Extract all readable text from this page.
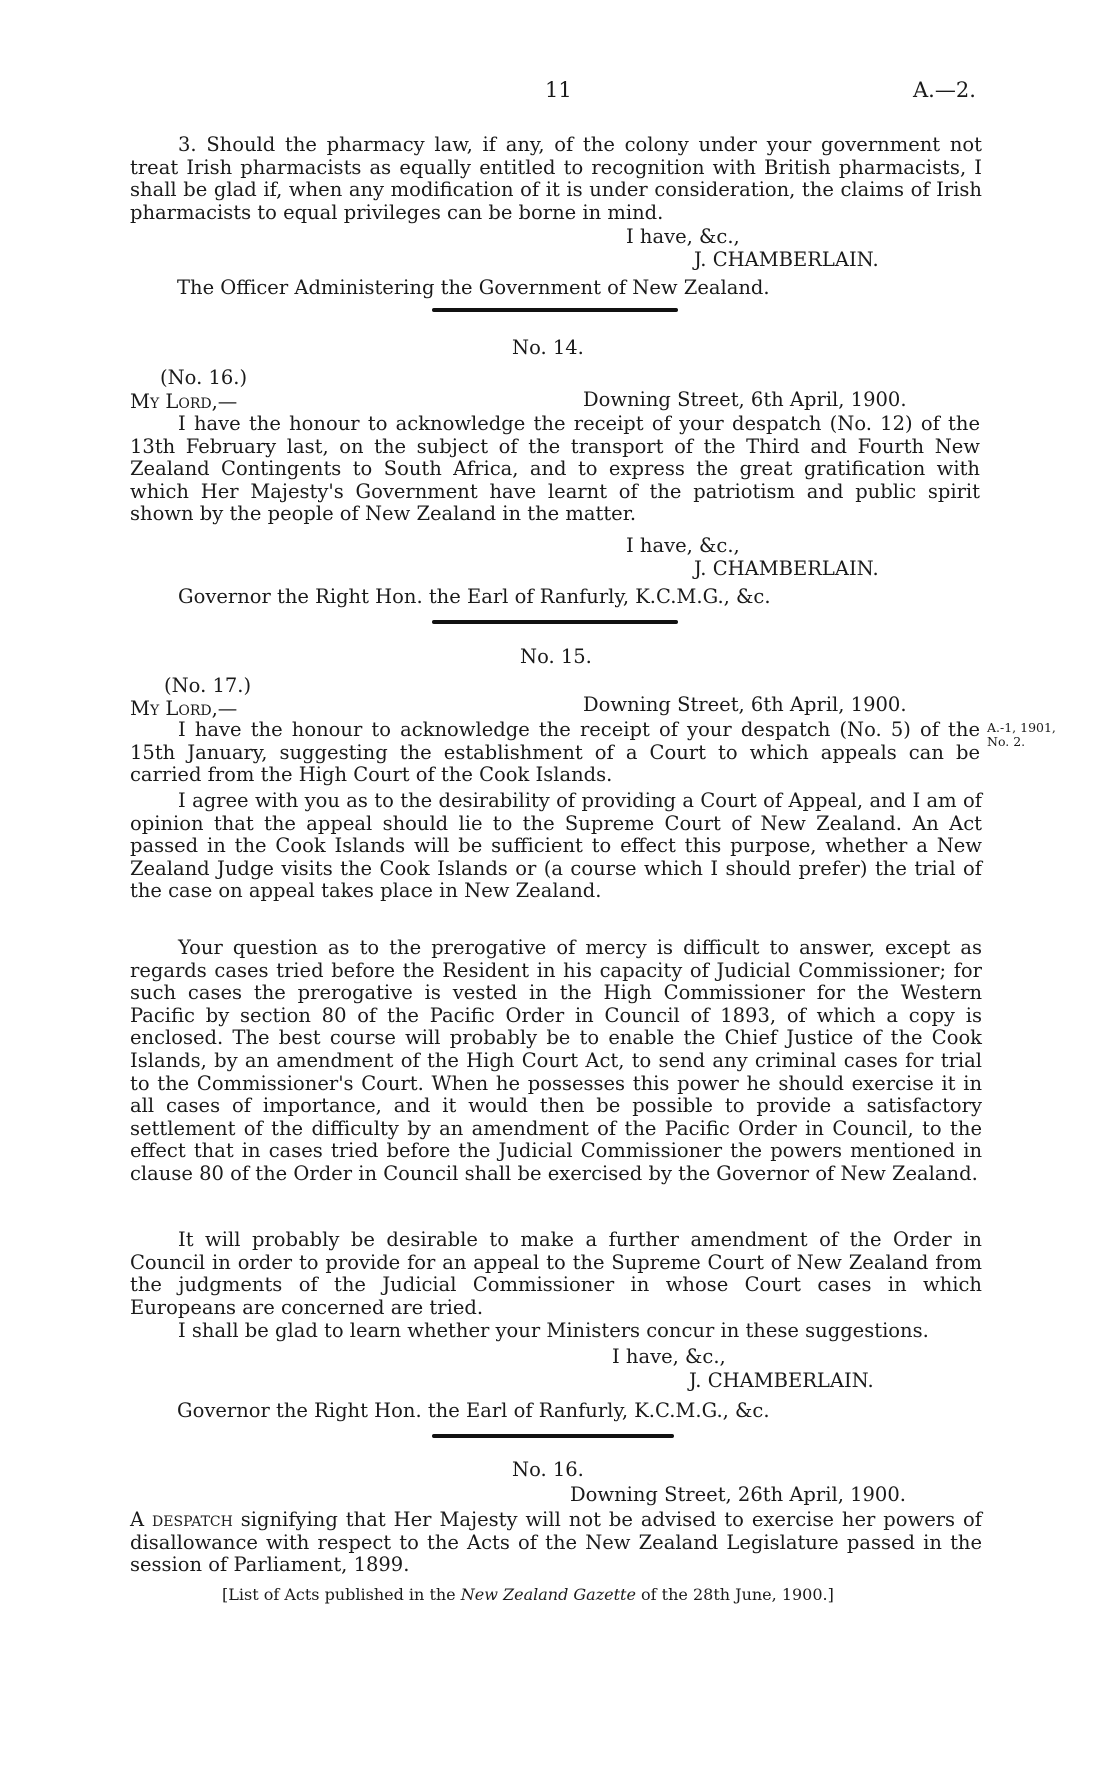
11	A.—2.
3. Should the pharmacy law, if any, of the colony under your government not treat Irish pharmacists as equally entitled to recognition with British pharmacists, I shall be glad if, when any modification of it is under consideration, the claims of Irish pharmacists to equal privileges can be borne in mind.
I have, &c.,
J. CHAMBERLAIN.
The Officer Administering the Government of New Zealand.
No. 14.
(No. 16.)
My Lord,—	Downing Street, 6th April, 1900.
I have the honour to acknowledge the receipt of your despatch (No. 12) of the 13th February last, on the subject of the transport of the Third and Fourth New Zealand Contingents to South Africa, and to express the great gratification with which Her Majesty's Government have learnt of the patriotism and public spirit shown by the people of New Zealand in the matter.
I have, &c.,
J. CHAMBERLAIN.
Governor the Right Hon. the Earl of Ranfurly, K.C.M.G., &c.
No. 15.
(No. 17.)
My Lord,—	Downing Street, 6th April, 1900.
A.-1, 1901,
No. 2.
I have the honour to acknowledge the receipt of your despatch (No. 5) of the 15th January, suggesting the establishment of a Court to which appeals can be carried from the High Court of the Cook Islands.
I agree with you as to the desirability of providing a Court of Appeal, and I am of opinion that the appeal should lie to the Supreme Court of New Zealand. An Act passed in the Cook Islands will be sufficient to effect this purpose, whether a New Zealand Judge visits the Cook Islands or (a course which I should prefer) the trial of the case on appeal takes place in New Zealand.
Your question as to the prerogative of mercy is difficult to answer, except as regards cases tried before the Resident in his capacity of Judicial Commissioner; for such cases the prerogative is vested in the High Commissioner for the Western Pacific by section 80 of the Pacific Order in Council of 1893, of which a copy is enclosed. The best course will probably be to enable the Chief Justice of the Cook Islands, by an amendment of the High Court Act, to send any criminal cases for trial to the Commissioner's Court. When he possesses this power he should exercise it in all cases of importance, and it would then be possible to provide a satisfactory settlement of the difficulty by an amendment of the Pacific Order in Council, to the effect that in cases tried before the Judicial Commissioner the powers mentioned in clause 80 of the Order in Council shall be exercised by the Governor of New Zealand.
It will probably be desirable to make a further amendment of the Order in Council in order to provide for an appeal to the Supreme Court of New Zealand from the judgments of the Judicial Commissioner in whose Court cases in which Europeans are concerned are tried.
I shall be glad to learn whether your Ministers concur in these suggestions.
I have, &c.,
J. CHAMBERLAIN.
Governor the Right Hon. the Earl of Ranfurly, K.C.M.G., &c.
No. 16.
Downing Street, 26th April, 1900.
A despatch signifying that Her Majesty will not be advised to exercise her powers of disallowance with respect to the Acts of the New Zealand Legislature passed in the session of Parliament, 1899.
[List of Acts published in the New Zealand Gazette of the 28th June, 1900.]
